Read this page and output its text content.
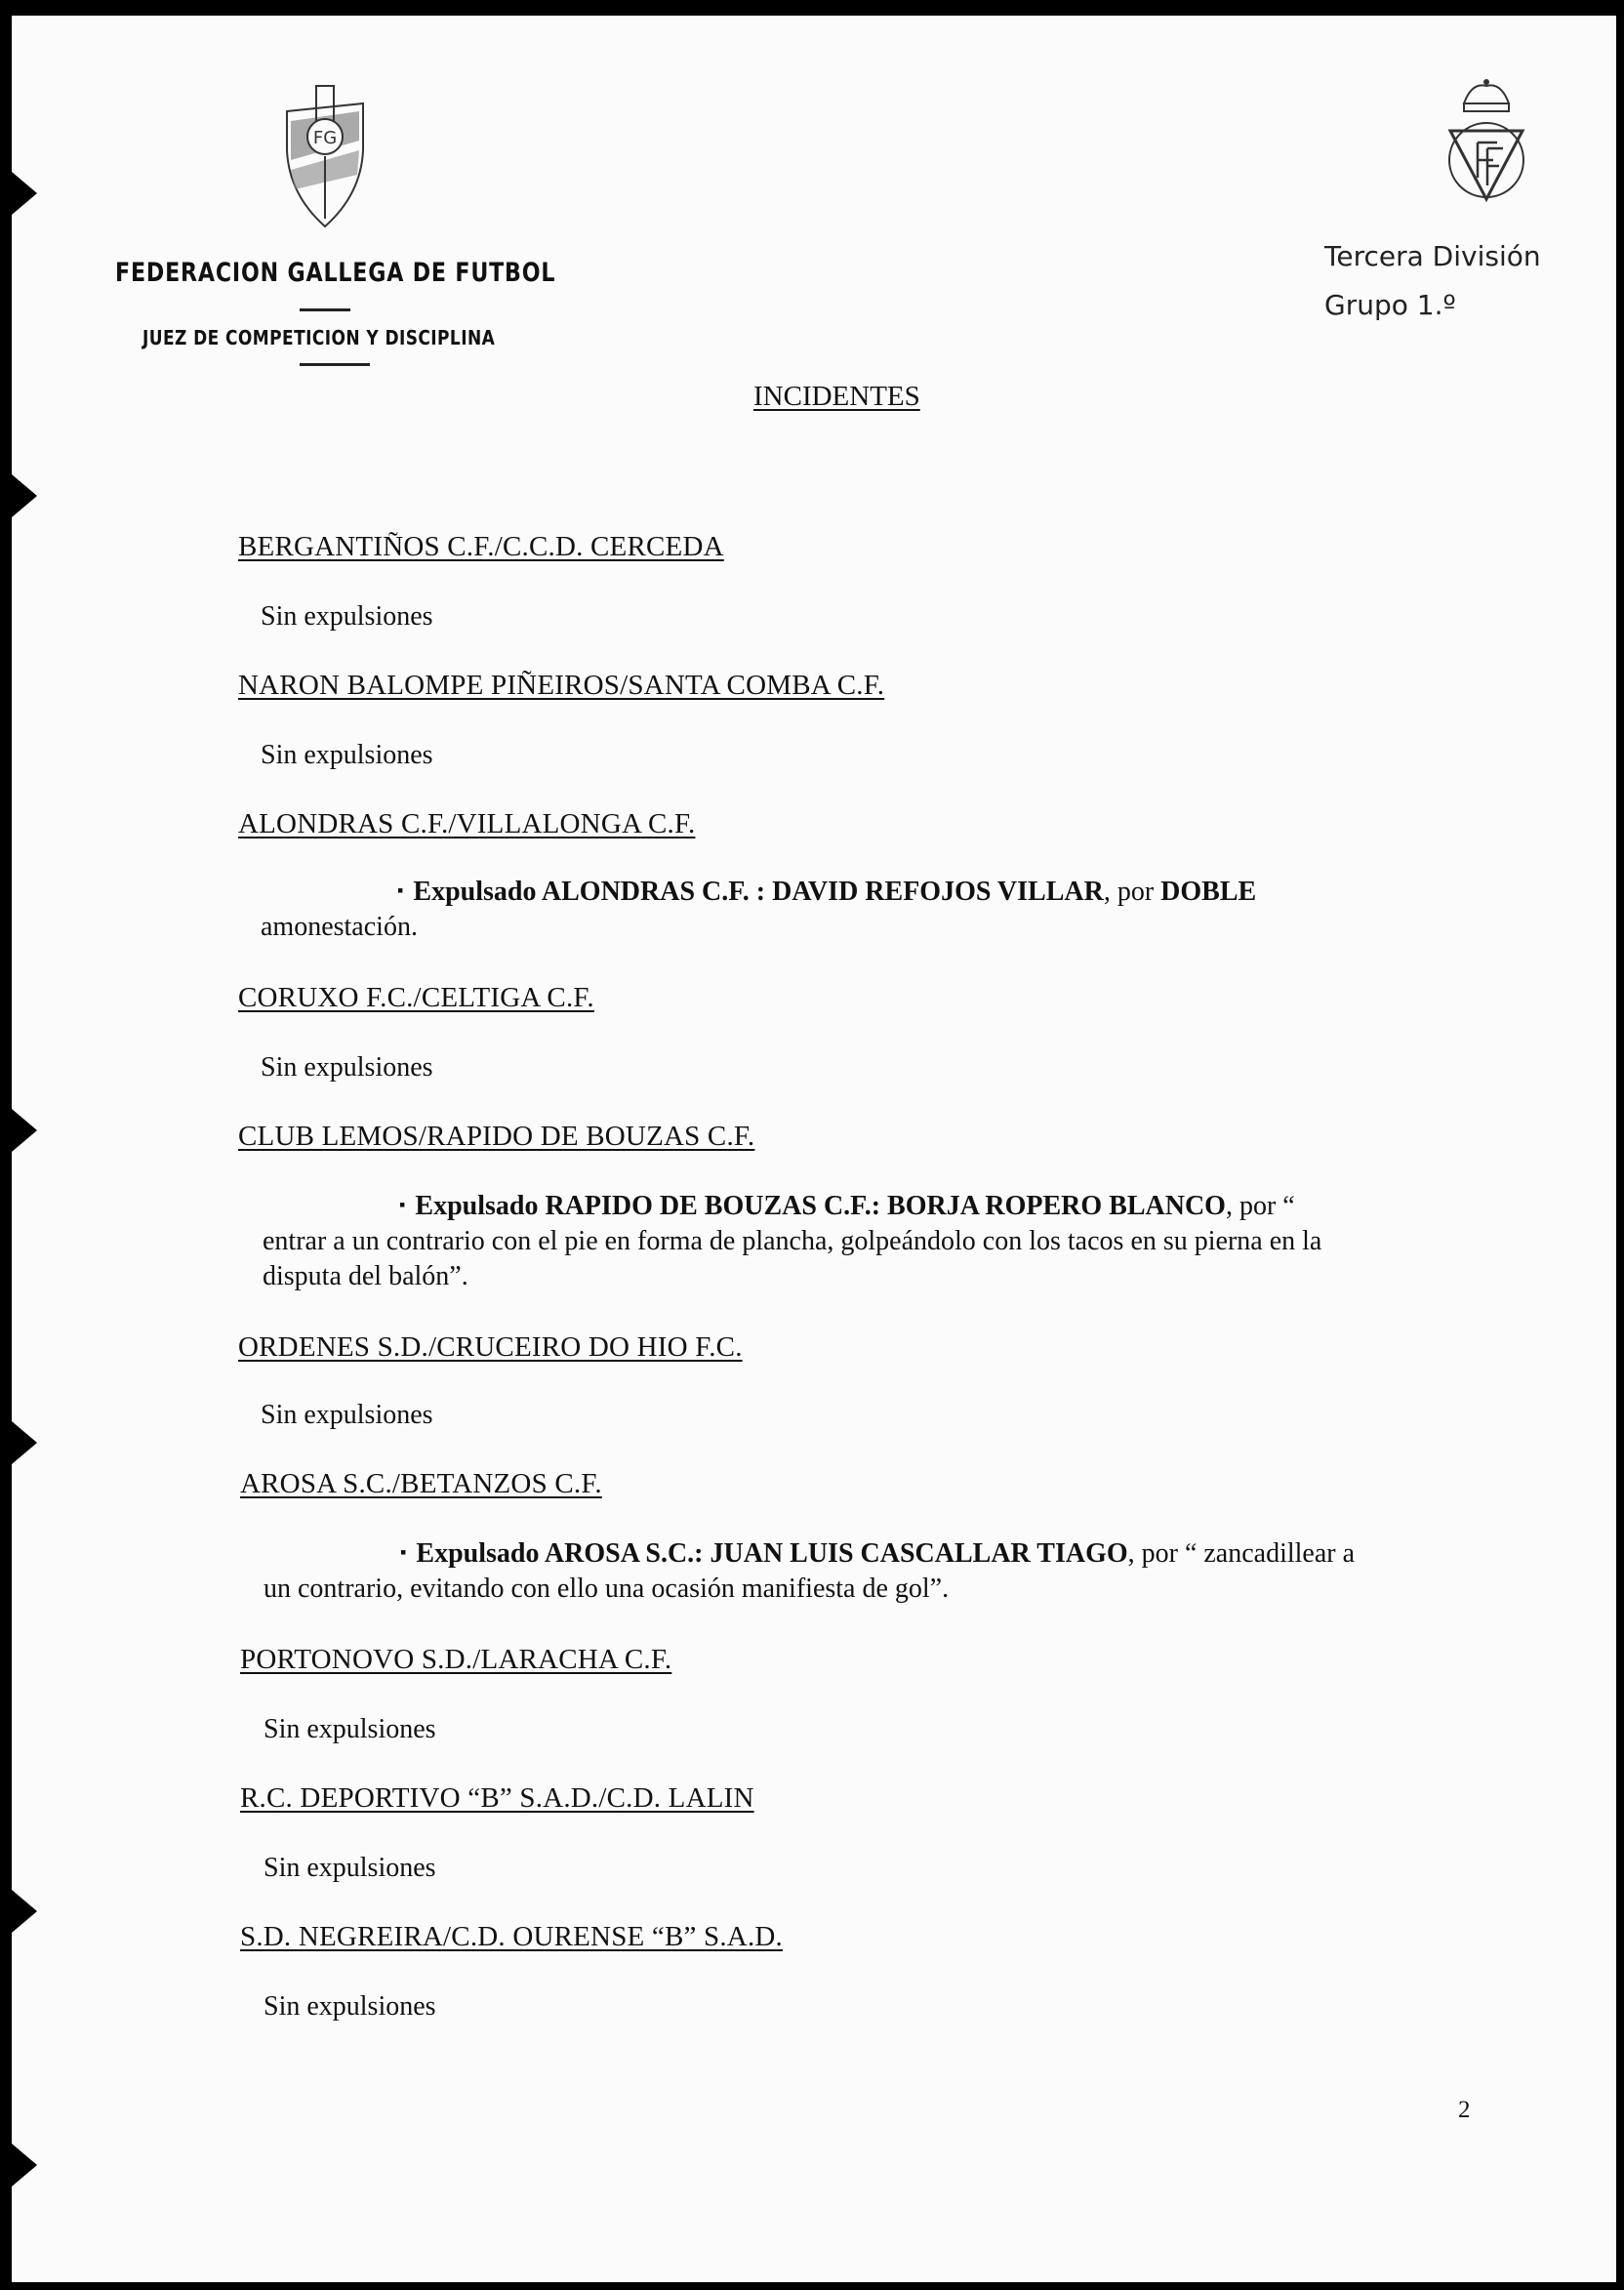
FG
FEDERACION GALLEGA DE FUTBOL
JUEZ DE COMPETICION Y DISCIPLINA
Tercera División
Grupo 1.º
INCIDENTES
BERGANTIÑOS C.F./C.C.D. CERCEDA
Sin expulsiones
NARON BALOMPE PIÑEIROS/SANTA COMBA C.F.
Sin expulsiones
ALONDRAS C.F./VILLALONGA C.F.
▪ Expulsado ALONDRAS C.F. : DAVID REFOJOS VILLAR, por DOBLE
amonestación.
CORUXO F.C./CELTIGA C.F.
Sin expulsiones
CLUB LEMOS/RAPIDO DE BOUZAS C.F.
▪ Expulsado RAPIDO DE BOUZAS C.F.: BORJA ROPERO BLANCO, por “
entrar a un contrario con el pie en forma de plancha, golpeándolo con los tacos en su pierna en la
disputa del balón”.
ORDENES S.D./CRUCEIRO DO HIO F.C.
Sin expulsiones
AROSA S.C./BETANZOS C.F.
▪ Expulsado AROSA S.C.: JUAN LUIS CASCALLAR TIAGO, por “ zancadillear a
un contrario, evitando con ello una ocasión manifiesta de gol”.
PORTONOVO S.D./LARACHA C.F.
Sin expulsiones
R.C. DEPORTIVO “B” S.A.D./C.D. LALIN
Sin expulsiones
S.D. NEGREIRA/C.D. OURENSE “B” S.A.D.
Sin expulsiones
2
